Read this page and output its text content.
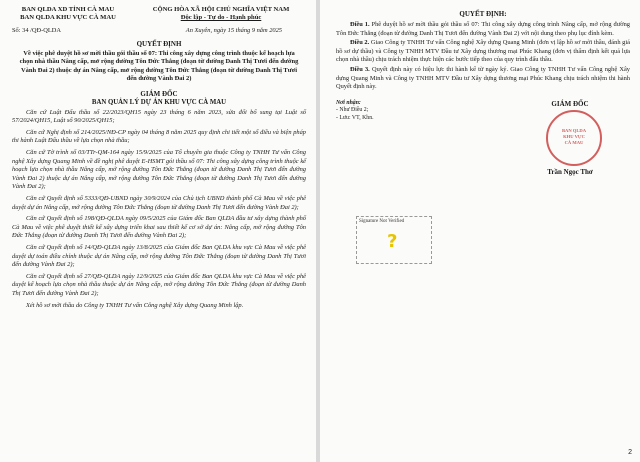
BAN QLDA XD TỈNH CÀ MAU
BAN QLDA KHU VỰC CÀ MAU
CỘNG HÒA XÃ HỘI CHỦ NGHĨA VIỆT NAM
Độc lập - Tự do - Hạnh phúc
Số: 34 /QĐ-QLDA	An Xuyên, ngày 15 tháng 9 năm 2025
QUYẾT ĐỊNH
Về việc phê duyệt hồ sơ mời thầu gói thầu số 07: Thi công xây dựng công trình thuộc kế hoạch lựa chọn nhà thầu Nâng cấp, mở rộng đường Tôn Đức Thắng (đoạn từ đường Danh Thị Tươi đến đường Vành Đai 2) thuộc dự án Nâng cấp, mở rộng đường Tôn Đức Thắng (đoạn từ đường Danh Thị Tươi đến đường Vành Đai 2)
GIÁM ĐỐC
BAN QUẢN LÝ DỰ ÁN KHU VỰC CÀ MAU
Căn cứ Luật Đấu thầu số 22/2023/QH15 ngày 23 tháng 6 năm 2023, sửa đổi bổ sung tại Luật số 57/2024/QH15, Luật số 90/2025/QH15;
Căn cứ Nghị định số 214/2025/NĐ-CP ngày 04 tháng 8 năm 2025 quy định chi tiết một số điều và biện pháp thi hành Luật Đấu thầu về lựa chọn nhà thầu;
Căn cứ Tờ trình số 03/TTr-QM-164 ngày 15/9/2025 của Tổ chuyên gia thuộc Công ty TNHH Tư vấn Công nghệ Xây dựng Quang Minh về đề nghị phê duyệt E-HSMT gói thầu số 07: Thi công xây dựng công trình thuộc kế hoạch lựa chọn nhà thầu Nâng cấp, mở rộng đường Tôn Đức Thắng (đoạn từ đường Danh Thị Tươi đến đường Vành Đai 2) thuộc dự án Nâng cấp, mở rộng đường Tôn Đức Thắng (đoạn từ đường Danh Thị Tươi đến đường Vành Đai 2);
Căn cứ Quyết định số 5333/QĐ-UBND ngày 30/9/2024 của Chủ tịch UBND thành phố Cà Mau về việc phê duyệt dự án Nâng cấp, mở rộng đường Tôn Đức Thắng (đoạn từ đường Danh Thị Tươi đến đường Vành Đai 2);
Căn cứ Quyết định số 198/QĐ-QLDA ngày 09/5/2025 của Giám đốc Ban QLDA đầu tư xây dựng thành phố Cà Mau về việc phê duyệt thiết kế xây dựng triển khai sau thiết kế cơ sở dự án: Nâng cấp, mở rộng đường Tôn Đức Thắng (đoạn từ đường Danh Thị Tươi đến đường Vành Đai 2);
Căn cứ Quyết định số 14/QĐ-QLDA ngày 13/8/2025 của Giám đốc Ban QLDA khu vực Cà Mau về việc phê duyệt dự toán điều chỉnh thuộc dự án Nâng cấp, mở rộng đường Tôn Đức Thắng (đoạn từ đường Danh Thị Tươi đến đường Vành Đai 2);
Căn cứ Quyết định số 27/QĐ-QLDA ngày 12/9/2025 của Giám đốc Ban QLDA khu vực Cà Mau về việc phê duyệt kế hoạch lựa chọn nhà thầu thuộc dự án Nâng cấp, mở rộng đường Tôn Đức Thắng (đoạn từ đường Danh Thị Tươi đến đường Vành Đai 2);
Xét hồ sơ mời thầu do Công ty TNHH Tư vấn Công nghệ Xây dựng Quang Minh lập.
QUYẾT ĐỊNH:
Điều 1. Phê duyệt hồ sơ mời thầu gói thầu số 07: Thi công xây dựng công trình Nâng cấp, mở rộng đường Tôn Đức Thắng (đoạn từ đường Danh Thị Tươi đến đường Vành Đai 2) với nội dung theo phụ lục đính kèm.
Điều 2. Giao Công ty TNHH Tư vấn Công nghệ Xây dựng Quang Minh (đơn vị lập hồ sơ mời thầu, đánh giá hồ sơ dự thầu) và Công ty TNHH MTV Đầu tư Xây dựng thương mại Phúc Khang (đơn vị thẩm định kết quả lựa chọn nhà thầu) chịu trách nhiệm thực hiện các bước tiếp theo của quy trình đấu thầu.
Điều 3. Quyết định này có hiệu lực thi hành kể từ ngày ký. Giao Công ty TNHH Tư vấn Công nghệ Xây dựng Quang Minh và Công ty TNHH MTV Đầu tư Xây dựng thương mại Phúc Khang chịu trách nhiệm thi hành Quyết định này.
Nơi nhận:
- Như Điều 2;
- Lưu: VT, Khn.
GIÁM ĐỐC
BAN QLDA
KHU VỰC
CÀ MAU
Trần Ngọc Thơ
Signature Not Verified
?
2
